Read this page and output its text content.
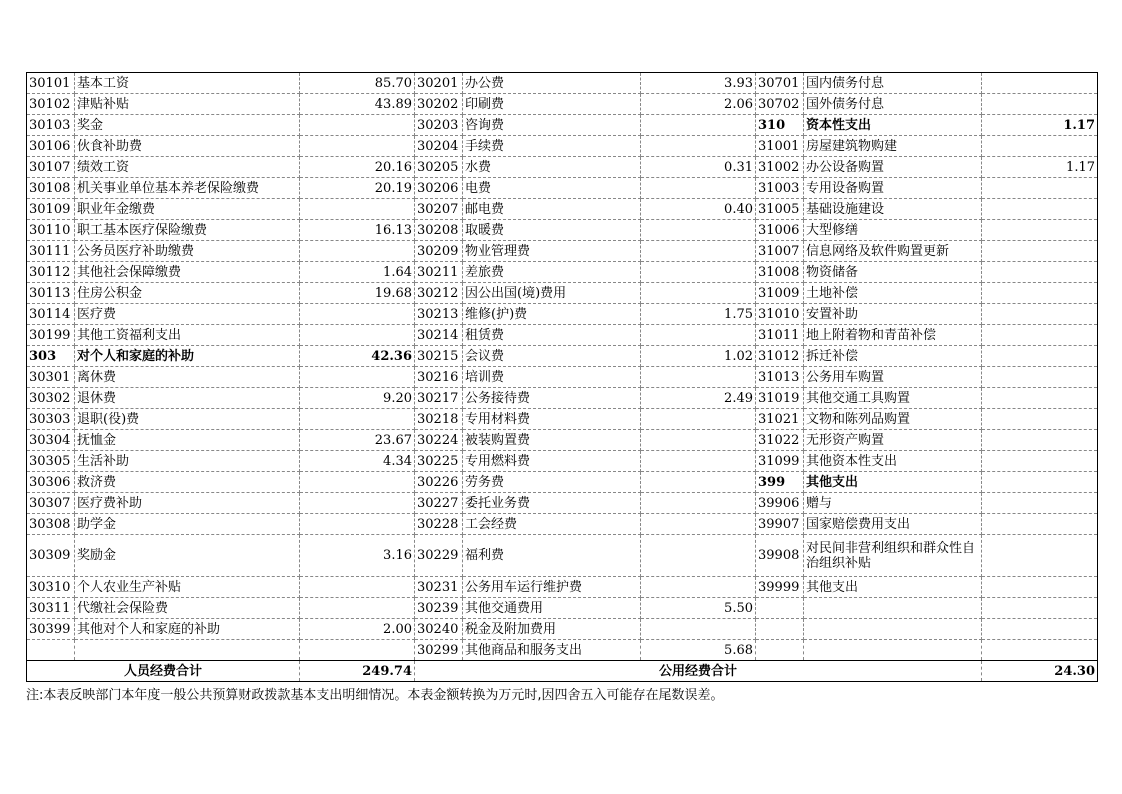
30101	基本工资	85.70	30201	办公费	3.93	30701	国内债务付息	
30102	津贴补贴	43.89	30202	印刷费	2.06	30702	国外债务付息	
30103	奖金		30203	咨询费		310	资本性支出	1.17
30106	伙食补助费		30204	手续费		31001	房屋建筑物购建	
30107	绩效工资	20.16	30205	水费	0.31	31002	办公设备购置	1.17
30108	机关事业单位基本养老保险缴费	20.19	30206	电费		31003	专用设备购置	
30109	职业年金缴费		30207	邮电费	0.40	31005	基础设施建设	
30110	职工基本医疗保险缴费	16.13	30208	取暖费		31006	大型修缮	
30111	公务员医疗补助缴费		30209	物业管理费		31007	信息网络及软件购置更新	
30112	其他社会保障缴费	1.64	30211	差旅费		31008	物资储备	
30113	住房公积金	19.68	30212	因公出国(境)费用		31009	土地补偿	
30114	医疗费		30213	维修(护)费	1.75	31010	安置补助	
30199	其他工资福利支出		30214	租赁费		31011	地上附着物和青苗补偿	
303	对个人和家庭的补助	42.36	30215	会议费	1.02	31012	拆迁补偿	
30301	离休费		30216	培训费		31013	公务用车购置	
30302	退休费	9.20	30217	公务接待费	2.49	31019	其他交通工具购置	
30303	退职(役)费		30218	专用材料费		31021	文物和陈列品购置	
30304	抚恤金	23.67	30224	被装购置费		31022	无形资产购置	
30305	生活补助	4.34	30225	专用燃料费		31099	其他资本性支出	
30306	救济费		30226	劳务费		399	其他支出	
30307	医疗费补助		30227	委托业务费		39906	赠与	
30308	助学金		30228	工会经费		39907	国家赔偿费用支出	
30309	奖励金	3.16	30229	福利费		39908	对民间非营利组织和群众性自治组织补贴	
30310	个人农业生产补贴		30231	公务用车运行维护费		39999	其他支出	
30311	代缴社会保险费		30239	其他交通费用	5.50			
30399	其他对个人和家庭的补助	2.00	30240	税金及附加费用				
			30299	其他商品和服务支出	5.68			
人员经费合计		249.74	公用经费合计					24.30
注:本表反映部门本年度一般公共预算财政拨款基本支出明细情况。本表金额转换为万元时,因四舍五入可能存在尾数误差。
